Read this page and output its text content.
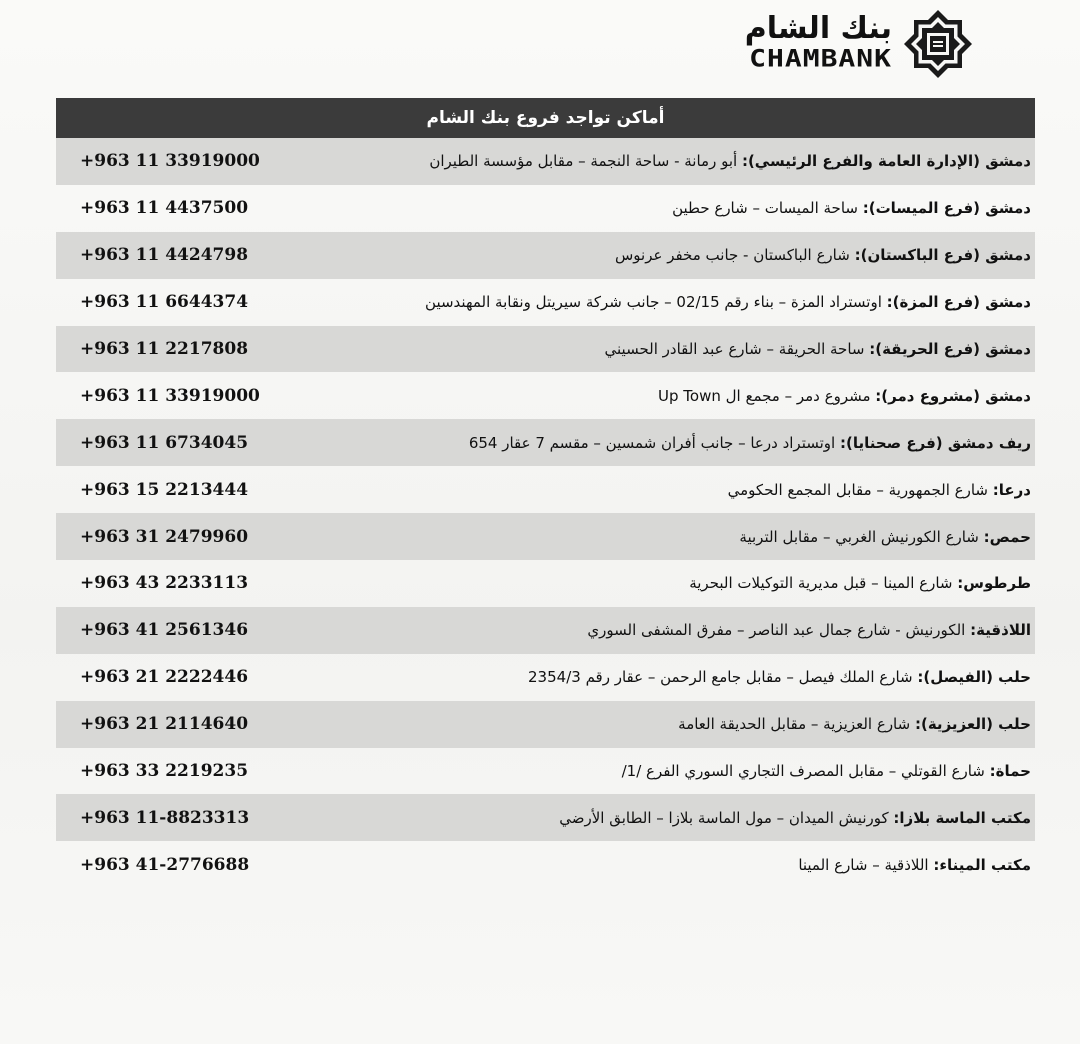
بنك الشام
CHAMBANK
أماكن تواجد فروع بنك الشام
+963 11 33919000	دمشق (الإدارة العامة والفرع الرئيسي): أبو رمانة - ساحة النجمة – مقابل مؤسسة الطيران
+963 11 4437500	دمشق (فرع الميسات): ساحة الميسات – شارع حطين
+963 11 4424798	دمشق (فرع الباكستان): شارع الباكستان - جانب مخفر عرنوس
+963 11 6644374	دمشق (فرع المزة): اوتستراد المزة – بناء رقم 02/15 – جانب شركة سيريتل ونقابة المهندسين
+963 11 2217808	دمشق (فرع الحريقة): ساحة الحريقة – شارع عبد القادر الحسيني
+963 11 33919000	دمشق (مشروع دمر): مشروع دمر – مجمع ال Up Town
+963 11 6734045	ريف دمشق (فرع صحنايا): اوتستراد درعا – جانب أفران شمسين – مقسم 7 عقار 654
+963 15 2213444	درعا: شارع الجمهورية – مقابل المجمع الحكومي
+963 31 2479960	حمص: شارع الكورنيش الغربي – مقابل التربية
+963 43 2233113	طرطوس: شارع المينا – قبل مديرية التوكيلات البحرية
+963 41 2561346	اللاذقية: الكورنيش - شارع جمال عبد الناصر – مفرق المشفى السوري
+963 21 2222446	حلب (الفيصل): شارع الملك فيصل – مقابل جامع الرحمن – عقار رقم 2354/3
+963 21 2114640	حلب (العزيزية): شارع العزيزية – مقابل الحديقة العامة
+963 33 2219235	حماة: شارع القوتلي – مقابل المصرف التجاري السوري الفرع /1/
+963 11-8823313	مكتب الماسة بلازا: كورنيش الميدان – مول الماسة بلازا – الطابق الأرضي
+963 41-2776688	مكتب الميناء: اللاذقية – شارع المينا
